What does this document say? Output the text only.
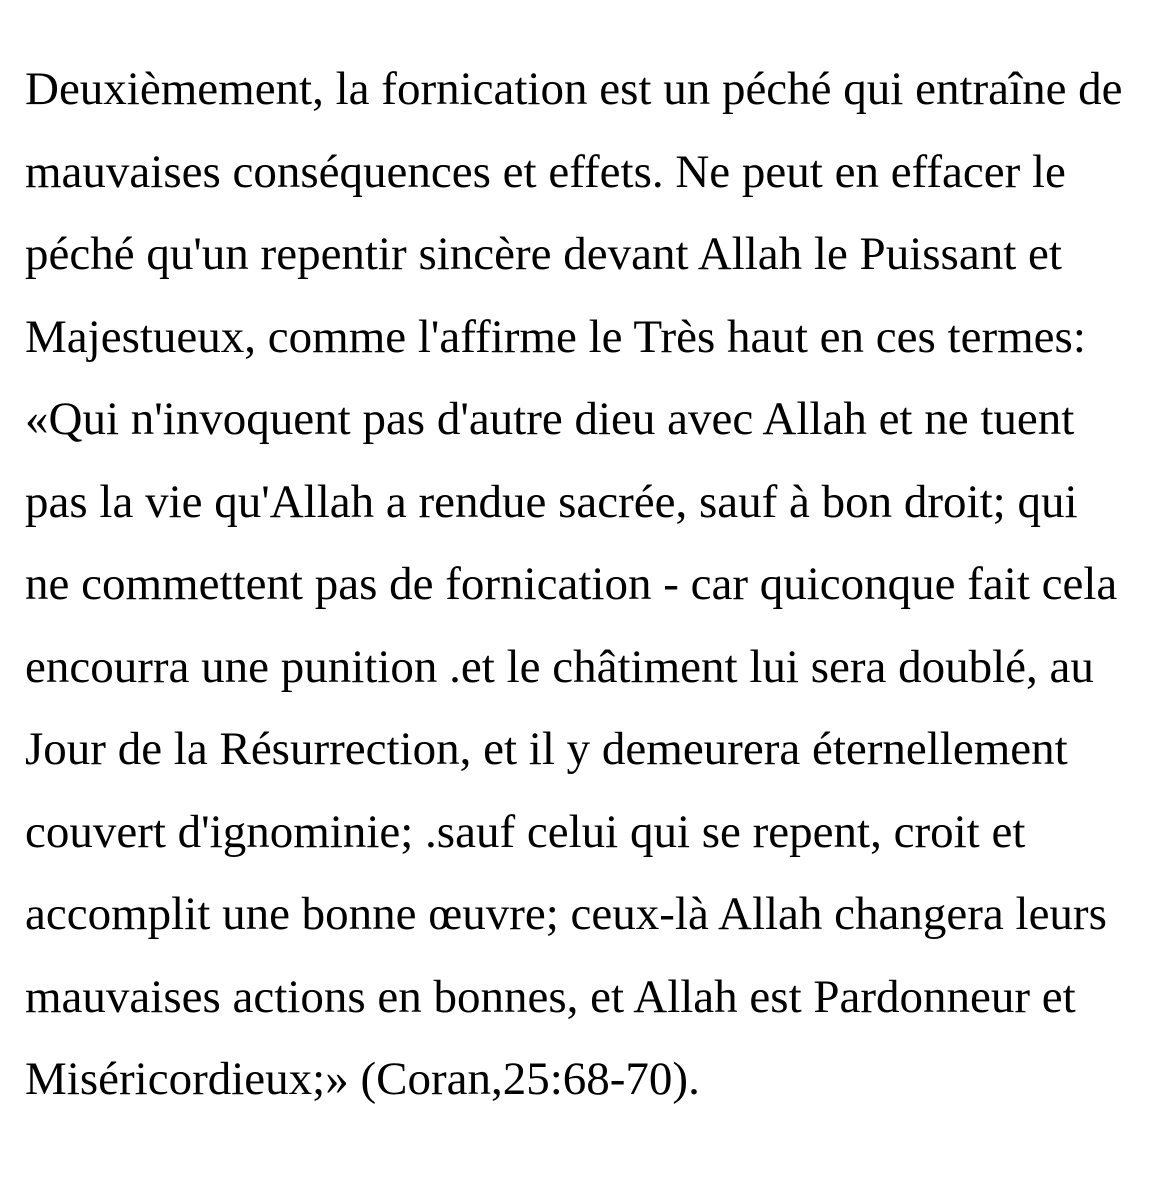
Deuxièmement, la fornication est un péché qui entraîne de
mauvaises conséquences et effets. Ne peut en effacer le
péché qu'un repentir sincère devant Allah le Puissant et
Majestueux, comme l'affirme le Très haut en ces termes:
«Qui n'invoquent pas d'autre dieu avec Allah et ne tuent
pas la vie qu'Allah a rendue sacrée, sauf à bon droit; qui
ne commettent pas de fornication - car quiconque fait cela
encourra une punition .et le châtiment lui sera doublé, au
Jour de la Résurrection, et il y demeurera éternellement
couvert d'ignominie; .sauf celui qui se repent, croit et
accomplit une bonne œuvre; ceux-là Allah changera leurs
mauvaises actions en bonnes, et Allah est Pardonneur et
Miséricordieux;» (Coran,25:68-70).
